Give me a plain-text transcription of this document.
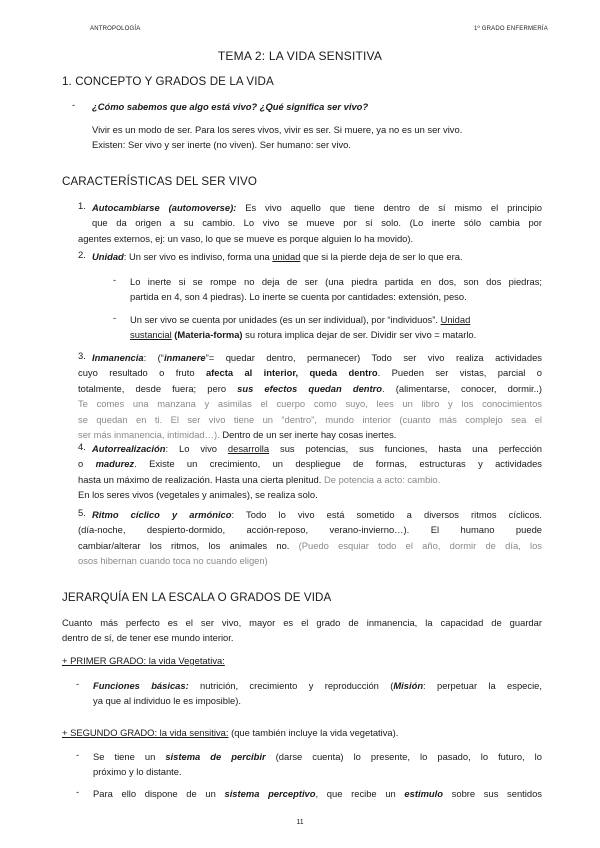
ANTROPOLOGÍA	1º GRADO ENFERMERÍA
TEMA 2: LA VIDA SENSITIVA
1. CONCEPTO Y GRADOS DE LA VIDA
- ¿Cómo sabemos que algo está vivo? ¿Qué significa ser vivo?
Vivir es un modo de ser. Para los seres vivos, vivir es ser. Si muere, ya no es un ser vivo.
Existen: Ser vivo y ser inerte (no viven). Ser humano: ser vivo.
CARACTERÍSTICAS DEL SER VIVO
1. Autocambiarse (automoverse): Es vivo aquello que tiene dentro de sí mismo el principio
que da origen a su cambio. Lo vivo se mueve por sí solo. (Lo inerte sólo cambia por
agentes externos, ej: un vaso, lo que se mueve es porque alguien lo ha movido).
2. Unidad: Un ser vivo es indiviso, forma una unidad que si la pierde deja de ser lo que era.
- Lo inerte si se rompe no deja de ser (una piedra partida en dos, son dos piedras;
partida en 4, son 4 piedras). Lo inerte se cuenta por cantidades: extensión, peso.
- Un ser vivo se cuenta por unidades (es un ser individual), por “individuos”. Unidad
sustancial (Materia-forma) su rotura implica dejar de ser. Dividir ser vivo = matarlo.
3. Inmanencia: (“inmanere”= quedar dentro, permanecer) Todo ser vivo realiza actividades
cuyo resultado o fruto afecta al interior, queda dentro. Pueden ser vistas, parcial o
totalmente, desde fuera; pero sus efectos quedan dentro. (alimentarse, conocer, dormir..)
Te comes una manzana y asimilas el cuerpo como suyo, lees un libro y los conocimientos
se quedan en ti. El ser vivo tiene un “dentro”, mundo interior (cuanto más complejo sea el
ser más inmanencia, intimidad…). Dentro de un ser inerte hay cosas inertes.
4. Autorrealización: Lo vivo desarrolla sus potencias, sus funciones, hasta una perfección
o madurez. Existe un crecimiento, un despliegue de formas, estructuras y actividades
hasta un máximo de realización. Hasta una cierta plenitud. De potencia a acto: cambio.
En los seres vivos (vegetales y animales), se realiza solo.
5. Ritmo cíclico y armónico: Todo lo vivo está sometido a diversos ritmos cíclicos.
(día-noche, despierto-dormido, acción-reposo, verano-invierno…). El humano puede
cambiar/alterar los ritmos, los animales no. (Puedo esquiar todo el año, dormir de día, los
osos hibernan cuando toca no cuando eligen)
JERARQUÍA EN LA ESCALA O GRADOS DE VIDA
Cuanto más perfecto es el ser vivo, mayor es el grado de inmanencia, la capacidad de guardar
dentro de sí, de tener ese mundo interior.
+ PRIMER GRADO: la vida Vegetativa:
- Funciones básicas: nutrición, crecimiento y reproducción (Misión: perpetuar la especie,
ya que al individuo le es imposible).
+ SEGUNDO GRADO: la vida sensitiva: (que también incluye la vida vegetativa).
- Se tiene un sistema de percibir (darse cuenta) lo presente, lo pasado, lo futuro, lo
próximo y lo distante.
- Para ello dispone de un sistema perceptivo, que recibe un estímulo sobre sus sentidos
11
